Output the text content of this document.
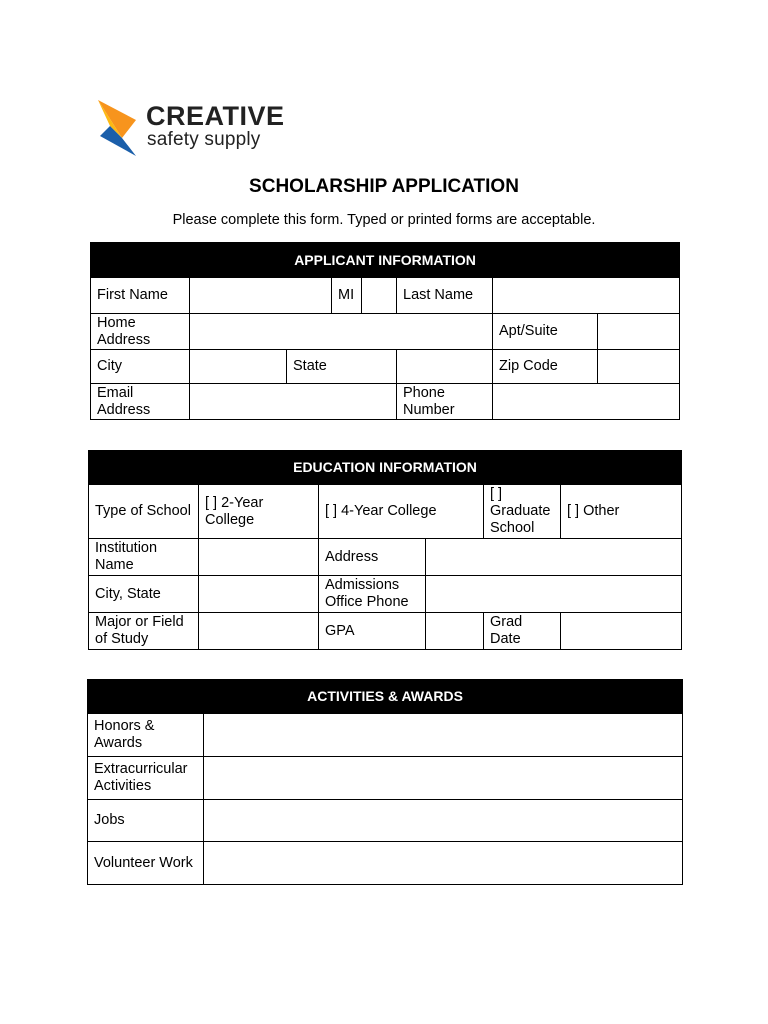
CREATIVE
safety supply
SCHOLARSHIP APPLICATION
Please complete this form. Typed or printed forms are acceptable.
APPLICANT INFORMATION							
First Name			MI		Last Name		
Home Address						Apt/Suite	
City		State				Zip Code	
Email Address					Phone Number		
EDUCATION INFORMATION					
Type of School	[ ] 2-Year College	[ ] 4-Year College		[ ] Graduate School	[ ] Other
Institution Name		Address			
City, State		Admissions Office Phone			
Major or Field of Study		GPA		Grad Date	
ACTIVITIES & AWARDS	
Honors & Awards	
Extracurricular Activities	
Jobs	
Volunteer Work	
